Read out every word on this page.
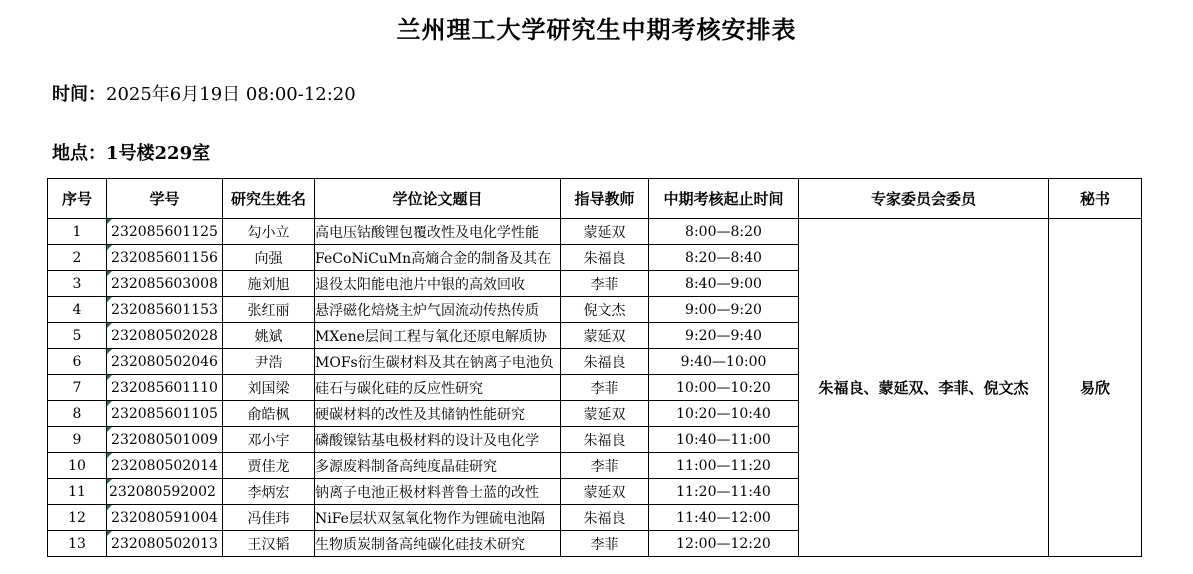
兰州理工大学研究生中期考核安排表
时间：2025年6月19日 08:00-12:20
地点：1号楼229室
序号	学号	研究生姓名	学位论文题目	指导教师	中期考核起止时间	专家委员会委员	秘书
1	232085601125	勾小立	高电压钴酸锂包覆改性及电化学性能	蒙延双	8:00—8:20	朱福良、蒙延双、李菲、倪文杰	易欣
2	232085601156	向强	FeCoNiCuMn高熵合金的制备及其在	朱福良	8:20—8:40		
3	232085603008	施刘旭	退役太阳能电池片中银的高效回收	李菲	8:40—9:00		
4	232085601153	张红丽	悬浮磁化焙烧主炉气固流动传热传质	倪文杰	9:00—9:20		
5	232080502028	姚斌	MXene层间工程与氧化还原电解质协	蒙延双	9:20—9:40		
6	232080502046	尹浩	MOFs衍生碳材料及其在钠离子电池负	朱福良	9:40—10:00		
7	232085601110	刘国梁	硅石与碳化硅的反应性研究	李菲	10:00—10:20		
8	232085601105	俞皓枫	硬碳材料的改性及其储钠性能研究	蒙延双	10:20—10:40		
9	232080501009	邓小宇	磷酸镍钴基电极材料的设计及电化学	朱福良	10:40—11:00		
10	232080502014	贾佳龙	多源废料制备高纯度晶硅研究	李菲	11:00—11:20		
11	232080592002	李炳宏	钠离子电池正极材料普鲁士蓝的改性	蒙延双	11:20—11:40		
12	232080591004	冯佳玮	NiFe层状双氢氧化物作为锂硫电池隔	朱福良	11:40—12:00		
13	232080502013	王汉韬	生物质炭制备高纯碳化硅技术研究	李菲	12:00—12:20		
